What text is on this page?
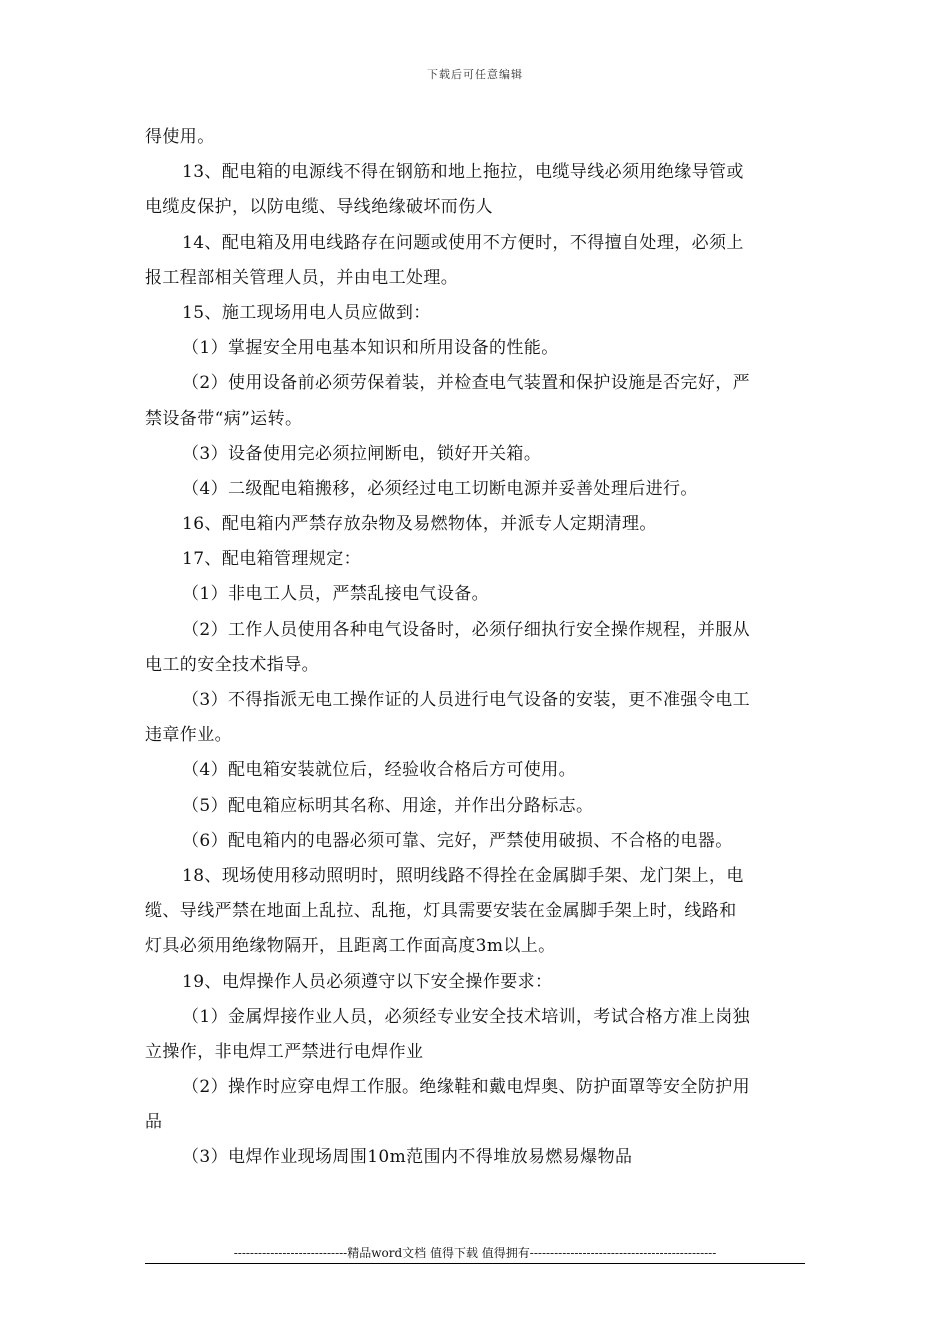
下载后可任意编辑
得使用。
13、配电箱的电源线不得在钢筋和地上拖拉，电缆导线必须用绝缘导管或
电缆皮保护，以防电缆、导线绝缘破坏而伤人
14、配电箱及用电线路存在问题或使用不方便时，不得擅自处理，必须上
报工程部相关管理人员，并由电工处理。
15、施工现场用电人员应做到：
（1）掌握安全用电基本知识和所用设备的性能。
（2）使用设备前必须劳保着装，并检查电气装置和保护设施是否完好，严
禁设备带“病”运转。
（3）设备使用完必须拉闸断电，锁好开关箱。
（4）二级配电箱搬移，必须经过电工切断电源并妥善处理后进行。
16、配电箱内严禁存放杂物及易燃物体，并派专人定期清理。
17、配电箱管理规定：
（1）非电工人员，严禁乱接电气设备。
（2）工作人员使用各种电气设备时，必须仔细执行安全操作规程，并服从
电工的安全技术指导。
（3）不得指派无电工操作证的人员进行电气设备的安装，更不准强令电工
违章作业。
（4）配电箱安装就位后，经验收合格后方可使用。
（5）配电箱应标明其名称、用途，并作出分路标志。
（6）配电箱内的电器必须可靠、完好，严禁使用破损、不合格的电器。
18、现场使用移动照明时，照明线路不得拴在金属脚手架、龙门架上，电
缆、导线严禁在地面上乱拉、乱拖，灯具需要安装在金属脚手架上时，线路和
灯具必须用绝缘物隔开，且距离工作面高度3m以上。
19、电焊操作人员必须遵守以下安全操作要求：
（1）金属焊接作业人员，必须经专业安全技术培训，考试合格方准上岗独
立操作，非电焊工严禁进行电焊作业
（2）操作时应穿电焊工作服。绝缘鞋和戴电焊奥、防护面罩等安全防护用
品
（3）电焊作业现场周围10m范围内不得堆放易燃易爆物品
----------------------------精品word文档 值得下载 值得拥有----------------------------------------------
